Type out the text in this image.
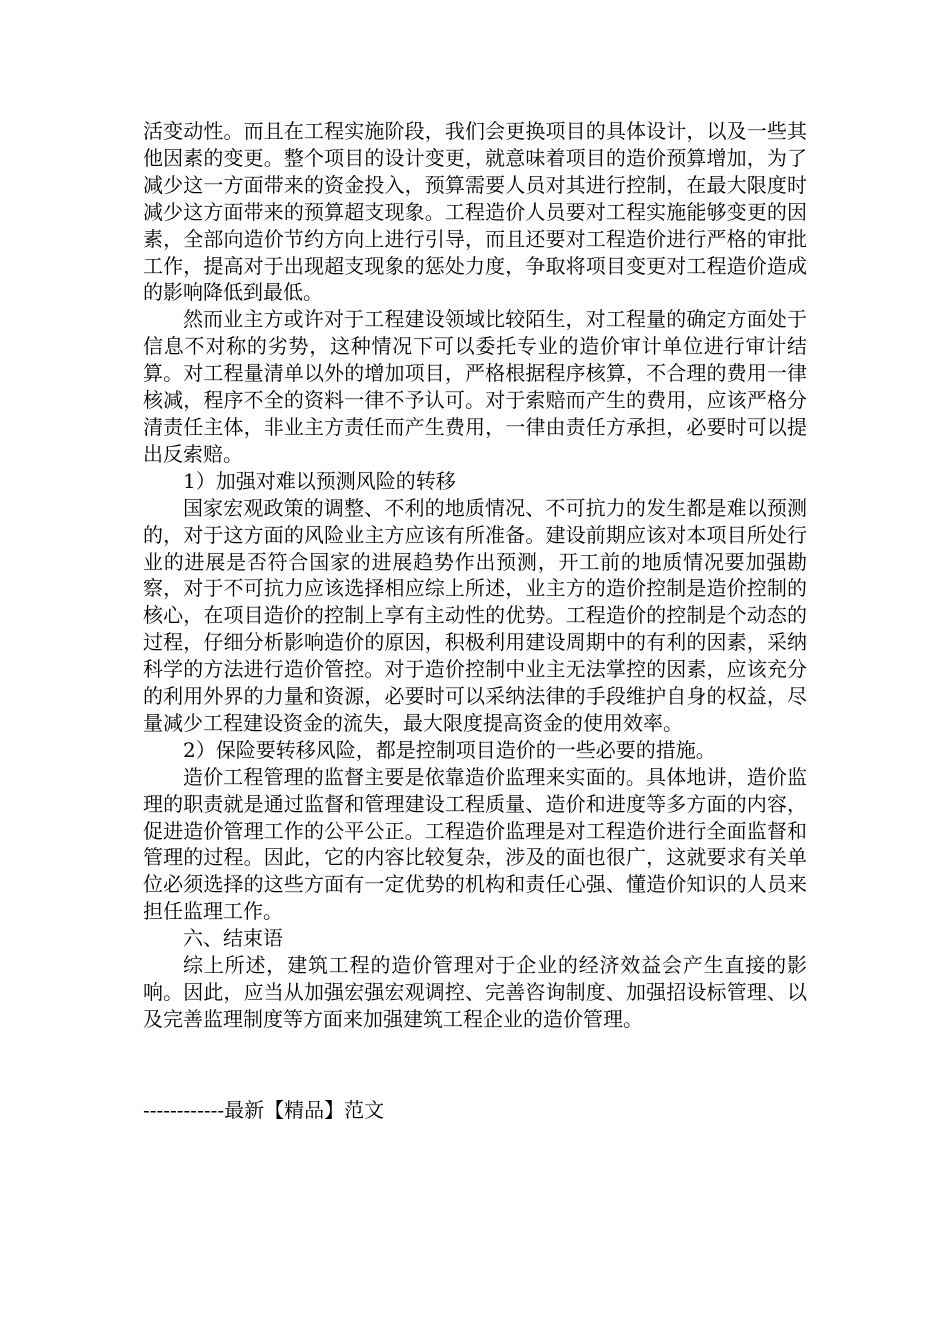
活变动性。而且在工程实施阶段，我们会更换项目的具体设计，以及一些其他因素的变更。整个项目的设计变更，就意味着项目的造价预算增加，为了减少这一方面带来的资金投入，预算需要人员对其进行控制，在最大限度时减少这方面带来的预算超支现象。工程造价人员要对工程实施能够变更的因素，全部向造价节约方向上进行引导，而且还要对工程造价进行严格的审批工作，提高对于出现超支现象的惩处力度，争取将项目变更对工程造价造成的影响降低到最低。

然而业主方或许对于工程建设领域比较陌生，对工程量的确定方面处于信息不对称的劣势，这种情况下可以委托专业的造价审计单位进行审计结算。对工程量清单以外的增加项目，严格根据程序核算，不合理的费用一律核减，程序不全的资料一律不予认可。对于索赔而产生的费用，应该严格分清责任主体，非业主方责任而产生费用，一律由责任方承担，必要时可以提出反索赔。

1）加强对难以预测风险的转移

国家宏观政策的调整、不利的地质情况、不可抗力的发生都是难以预测的，对于这方面的风险业主方应该有所准备。建设前期应该对本项目所处行业的进展是否符合国家的进展趋势作出预测，开工前的地质情况要加强勘察，对于不可抗力应该选择相应综上所述，业主方的造价控制是造价控制的核心，在项目造价的控制上享有主动性的优势。工程造价的控制是个动态的过程，仔细分析影响造价的原因，积极利用建设周期中的有利的因素，采纳科学的方法进行造价管控。对于造价控制中业主无法掌控的因素，应该充分的利用外界的力量和资源，必要时可以采纳法律的手段维护自身的权益，尽量减少工程建设资金的流失，最大限度提高资金的使用效率。

2）保险要转移风险，都是控制项目造价的一些必要的措施。

造价工程管理的监督主要是依靠造价监理来实面的。具体地讲，造价监理的职责就是通过监督和管理建设工程质量、造价和进度等多方面的内容，促进造价管理工作的公平公正。工程造价监理是对工程造价进行全面监督和管理的过程。因此，它的内容比较复杂，涉及的面也很广，这就要求有关单位必须选择的这些方面有一定优势的机构和责任心强、懂造价知识的人员来担任监理工作。

六、结束语

综上所述，建筑工程的造价管理对于企业的经济效益会产生直接的影响。因此，应当从加强宏强宏观调控、完善咨询制度、加强招设标管理、以及完善监理制度等方面来加强建筑工程企业的造价管理。

------------最新【精品】范文
